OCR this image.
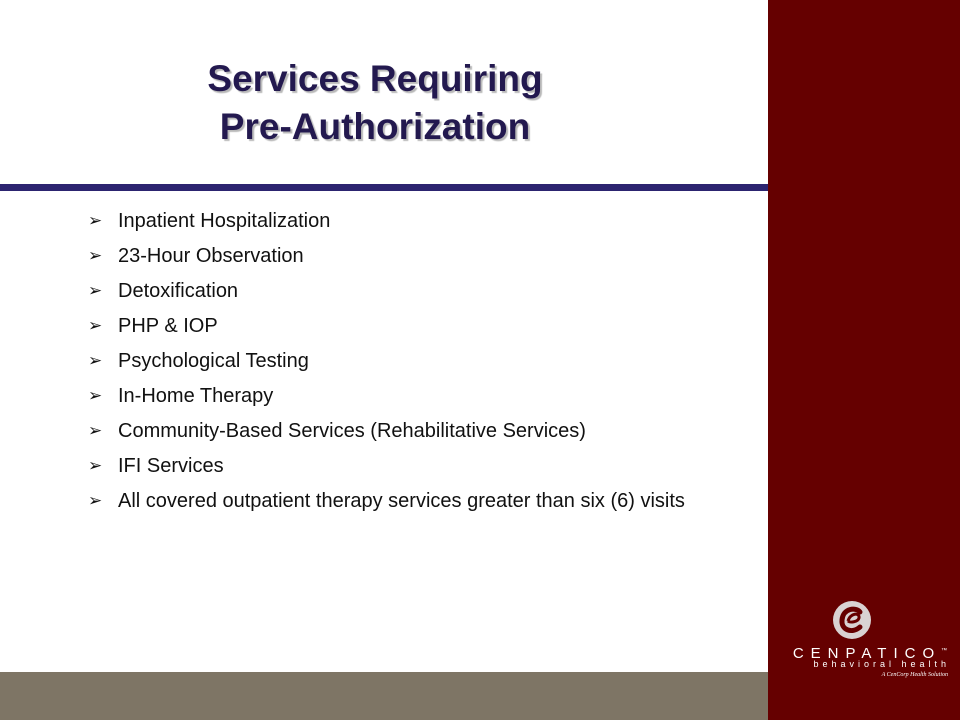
Services Requiring
Pre-Authorization
➢ Inpatient Hospitalization
➢ 23-Hour Observation
➢ Detoxification
➢ PHP & IOP
➢ Psychological Testing
➢ In-Home Therapy
➢ Community-Based Services (Rehabilitative Services)
➢ IFI Services
➢ All covered outpatient therapy services greater than six (6) visits
CENPATICO™
behavioral health
A CenCorp Health Solution
